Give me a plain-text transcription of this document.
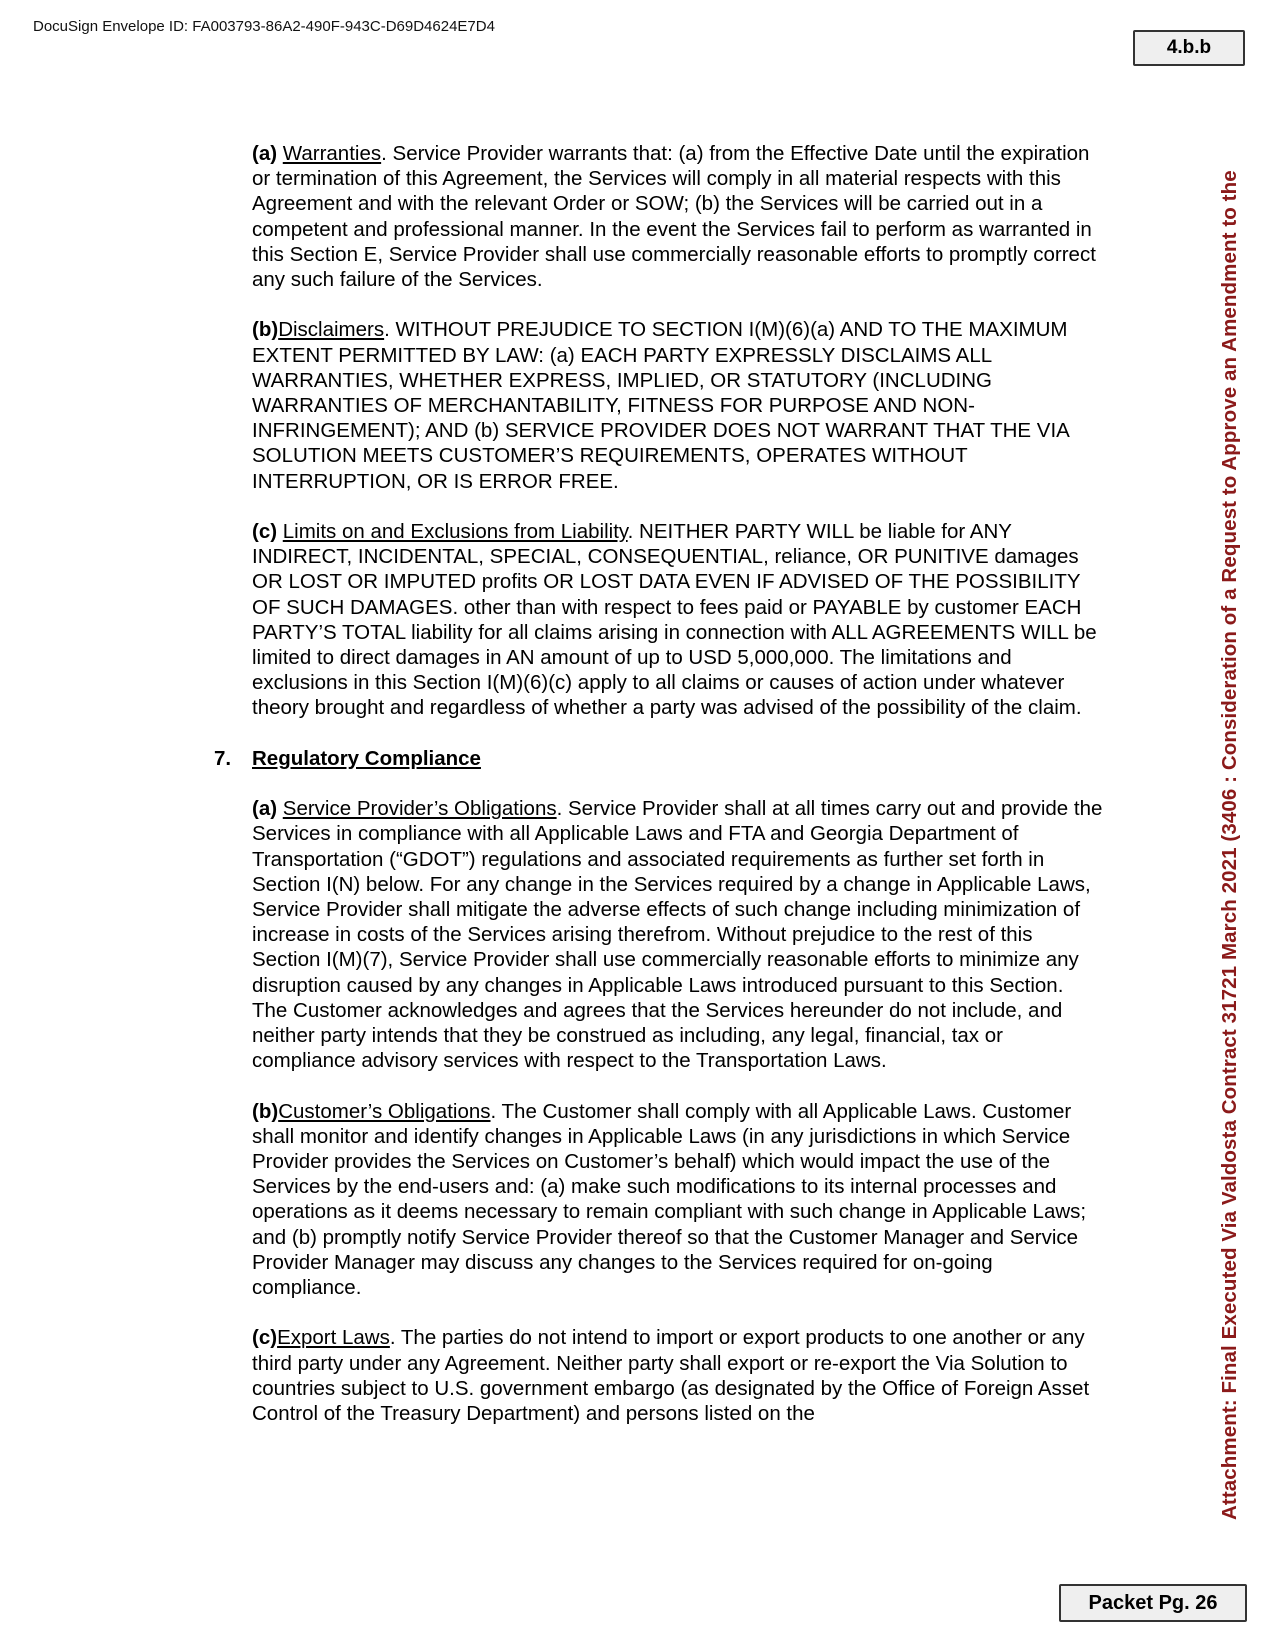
DocuSign Envelope ID: FA003793-86A2-490F-943C-D69D4624E7D4
4.b.b
Attachment: Final Executed Via Valdosta Contract 31721 March 2021 (3406 : Consideration of a Request to Approve an Amendment to the

(a) Warranties. Service Provider warrants that: (a) from the Effective Date until the expiration or termination of this Agreement, the Services will comply in all material respects with this Agreement and with the relevant Order or SOW; (b) the Services will be carried out in a competent and professional manner. In the event the Services fail to perform as warranted in this Section E, Service Provider shall use commercially reasonable efforts to promptly correct any such failure of the Services.

(b)Disclaimers. WITHOUT PREJUDICE TO SECTION I(M)(6)(a) AND TO THE MAXIMUM EXTENT PERMITTED BY LAW: (a) EACH PARTY EXPRESSLY DISCLAIMS ALL WARRANTIES, WHETHER EXPRESS, IMPLIED, OR STATUTORY (INCLUDING WARRANTIES OF MERCHANTABILITY, FITNESS FOR PURPOSE AND NON-INFRINGEMENT); AND (b) SERVICE PROVIDER DOES NOT WARRANT THAT THE VIA SOLUTION MEETS CUSTOMER’S REQUIREMENTS, OPERATES WITHOUT INTERRUPTION, OR IS ERROR FREE.

(c) Limits on and Exclusions from Liability. NEITHER PARTY WILL be liable for ANY INDIRECT, INCIDENTAL, SPECIAL, CONSEQUENTIAL, reliance, OR PUNITIVE damages OR LOST OR IMPUTED profits OR LOST DATA EVEN IF ADVISED OF THE POSSIBILITY OF SUCH DAMAGES. other than with respect to fees paid or PAYABLE by customer EACH PARTY’S TOTAL liability for all claims arising in connection with ALL AGREEMENTS WILL be limited to direct damages in AN amount of up to USD 5,000,000. The limitations and exclusions in this Section I(M)(6)(c) apply to all claims or causes of action under whatever theory brought and regardless of whether a party was advised of the possibility of the claim.

7. Regulatory Compliance

(a) Service Provider’s Obligations. Service Provider shall at all times carry out and provide the Services in compliance with all Applicable Laws and FTA and Georgia Department of Transportation (“GDOT”) regulations and associated requirements as further set forth in Section I(N) below. For any change in the Services required by a change in Applicable Laws, Service Provider shall mitigate the adverse effects of such change including minimization of increase in costs of the Services arising therefrom. Without prejudice to the rest of this Section I(M)(7), Service Provider shall use commercially reasonable efforts to minimize any disruption caused by any changes in Applicable Laws introduced pursuant to this Section. The Customer acknowledges and agrees that the Services hereunder do not include, and neither party intends that they be construed as including, any legal, financial, tax or compliance advisory services with respect to the Transportation Laws.

(b)Customer’s Obligations. The Customer shall comply with all Applicable Laws. Customer shall monitor and identify changes in Applicable Laws (in any jurisdictions in which Service Provider provides the Services on Customer’s behalf) which would impact the use of the Services by the end-users and: (a) make such modifications to its internal processes and operations as it deems necessary to remain compliant with such change in Applicable Laws; and (b) promptly notify Service Provider thereof so that the Customer Manager and Service Provider Manager may discuss any changes to the Services required for on-going compliance.

(c)Export Laws. The parties do not intend to import or export products to one another or any third party under any Agreement. Neither party shall export or re-export the Via Solution to countries subject to U.S. government embargo (as designated by the Office of Foreign Asset Control of the Treasury Department) and persons listed on the

Packet Pg. 26
